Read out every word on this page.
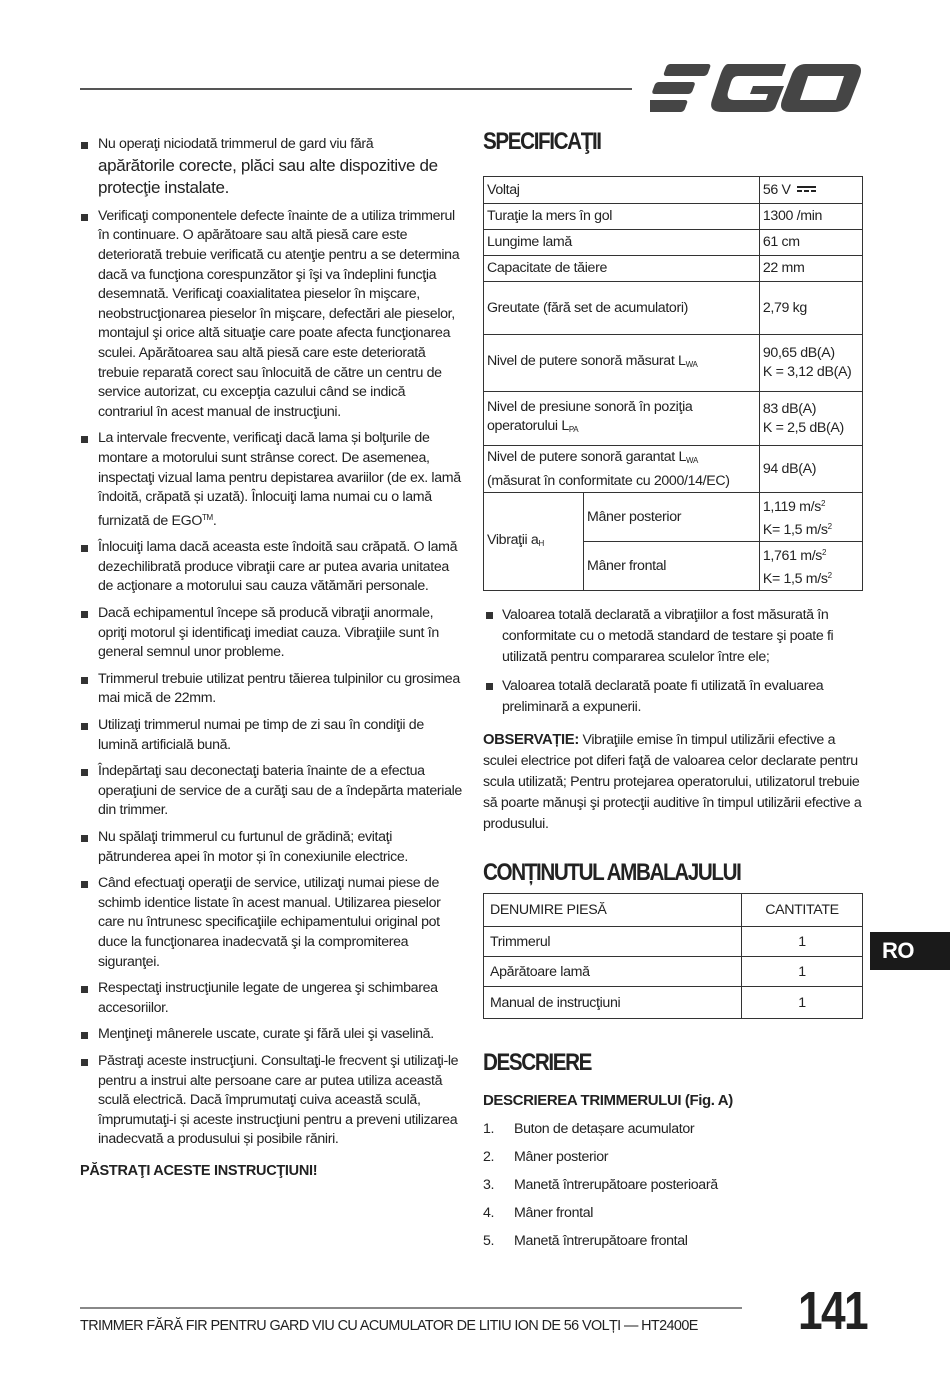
Nu operaţi niciodată trimmerul de gard viu fără
apărătorile corecte, plăci sau alte dispozitive de protecţie instalate.
Verificaţi componentele defecte înainte de a utiliza trimmerul în continuare. O apărătoare sau altă piesă care este deteriorată trebuie verificată cu atenţie pentru a se determina dacă va funcţiona corespunzător şi îşi va îndeplini funcţia desemnată. Verificaţi coaxialitatea pieselor în mişcare, neobstrucţionarea pieselor în mişcare, defectări ale pieselor, montajul şi orice altă situaţie care poate afecta funcţionarea sculei. Apărătoarea sau altă piesă care este deteriorată trebuie reparată corect sau înlocuită de către un centru de service autorizat, cu excepţia cazului când se indică contrariul în acest manual de instrucţiuni.
La intervale frecvente, verificaţi dacă lama și bolţurile de montare a motorului sunt strânse corect. De asemenea, inspectaţi vizual lama pentru depistarea avariilor (de ex. lamă îndoită, crăpată și uzată). Înlocuiţi lama numai cu o lamă furnizată de EGO™.
Înlocuiţi lama dacă aceasta este îndoită sau crăpată. O lamă dezechilibrată produce vibraţii care ar putea avaria unitatea de acţionare a motorului sau cauza vătămări personale.
Dacă echipamentul începe să producă vibraţii anormale, opriţi motorul şi identificaţi imediat cauza. Vibraţiile sunt în general semnul unor probleme.
Trimmerul trebuie utilizat pentru tăierea tulpinilor cu grosimea mai mică de 22mm.
Utilizaţi trimmerul numai pe timp de zi sau în condiţii de lumină artificială bună.
Îndepărtaţi sau deconectaţi bateria înainte de a efectua operaţiuni de service de a curăţi sau de a îndepărta materiale din trimmer.
Nu spălaţi trimmerul cu furtunul de grădină; evitaţi pătrunderea apei în motor și în conexiunile electrice.
Când efectuaţi operaţii de service, utilizaţi numai piese de schimb identice listate în acest manual. Utilizarea pieselor care nu întrunesc specificaţiile echipamentului original pot duce la funcţionarea inadecvată şi la compromiterea siguranţei.
Respectaţi instrucţiunile legate de ungerea şi schimbarea accesoriilor.
Menţineţi mânerele uscate, curate şi fără ulei şi vaselină.
Păstraţi aceste instrucţiuni. Consultaţi-le frecvent şi utilizaţi-le pentru a instrui alte persoane care ar putea utiliza această sculă electrică. Dacă împrumutaţi cuiva această sculă, împrumutaţi-i și aceste instrucţiuni pentru a preveni utilizarea inadecvată a produsului și posibile răniri.
PĂSTRAŢI ACESTE INSTRUCŢIUNI!
SPECIFICAŢII
Voltaj		56 V
Turaţie la mers în gol		1300 /min
Lungime lamă		61 cm
Capacitate de tăiere		22 mm
Greutate (fără set de acumulatori)		2,79 kg
Nivel de putere sonoră măsurat $L_{WA}$		90,65 dB(A)
K = 3,12 dB(A)
Nivel de presiune sonoră în poziţia
operatorului $L_{PA}$		83 dB(A)
K = 2,5 dB(A)
Nivel de putere sonoră garantat $L_{WA}$
(măsurat în conformitate cu 2000/14/EC)		94 dB(A)
Vibraţii $a_H$	Mâner posterior	1,119 $m/s^2$
K= 1,5 $m/s^2$
	Mâner frontal	1,761 $m/s^2$
K= 1,5 $m/s^2$
Valoarea totală declarată a vibraţiilor a fost măsurată în conformitate cu o metodă standard de testare şi poate fi utilizată pentru compararea sculelor între ele;
Valoarea totală declarată poate fi utilizată în evaluarea preliminară a expunerii.
OBSERVAȚIE: Vibraţiile emise în timpul utilizării efective a sculei electrice pot diferi faţă de valoarea celor declarate pentru scula utilizată; Pentru protejarea operatorului, utilizatorul trebuie să poarte mănuşi şi protecţii auditive în timpul utilizării efective a produsului.
CONȚINUTUL AMBALAJULUI
DENUMIRE PIESĂ	CANTITATE
Trimmerul	1
Apărătoare lamă	1
Manual de instrucţiuni	1
DESCRIERE
DESCRIEREA TRIMMERULUI (Fig. A)
1. Buton de detașare acumulator
2. Mâner posterior
3. Manetă întrerupătoare posterioară
4. Mâner frontal
5. Manetă întrerupătoare frontal
RO
TRIMMER FĂRĂ FIR PENTRU GARD VIU CU ACUMULATOR DE LITIU ION DE 56 VOLȚI — HT2400E 141
